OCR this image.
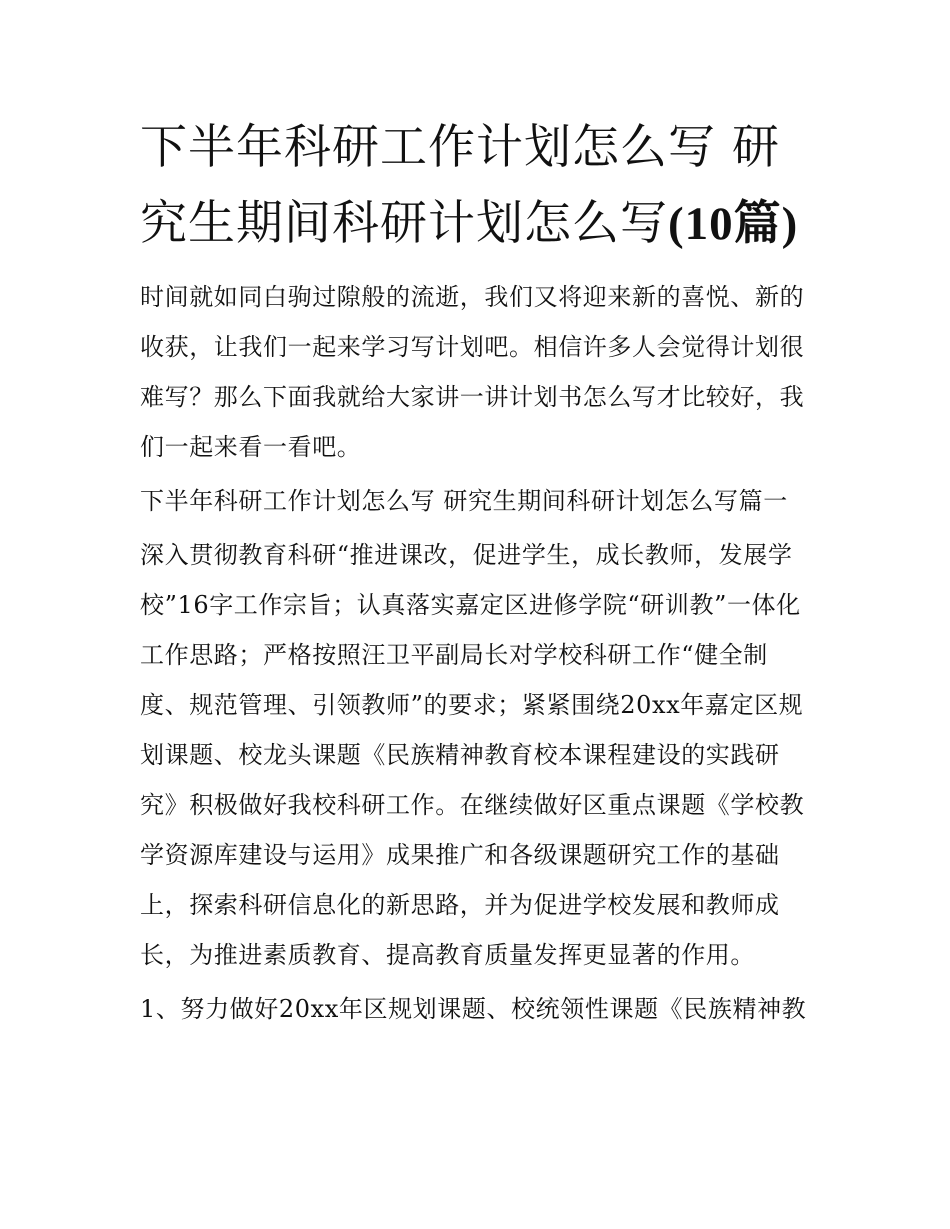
下半年科研工作计划怎么写 研究生期间科研计划怎么写(10篇)

时间就如同白驹过隙般的流逝，我们又将迎来新的喜悦、新的收获，让我们一起来学习写计划吧。相信许多人会觉得计划很难写？那么下面我就给大家讲一讲计划书怎么写才比较好，我们一起来看一看吧。

下半年科研工作计划怎么写 研究生期间科研计划怎么写篇一

深入贯彻教育科研“推进课改，促进学生，成长教师，发展学校”16字工作宗旨；认真落实嘉定区进修学院“研训教”一体化工作思路；严格按照汪卫平副局长对学校科研工作“健全制度、规范管理、引领教师”的要求；紧紧围绕20xx年嘉定区规划课题、校龙头课题《民族精神教育校本课程建设的实践研究》积极做好我校科研工作。在继续做好区重点课题《学校教学资源库建设与运用》成果推广和各级课题研究工作的基础上，探索科研信息化的新思路，并为促进学校发展和教师成长，为推进素质教育、提高教育质量发挥更显著的作用。

1、努力做好20xx年区规划课题、校统领性课题《民族精神教
